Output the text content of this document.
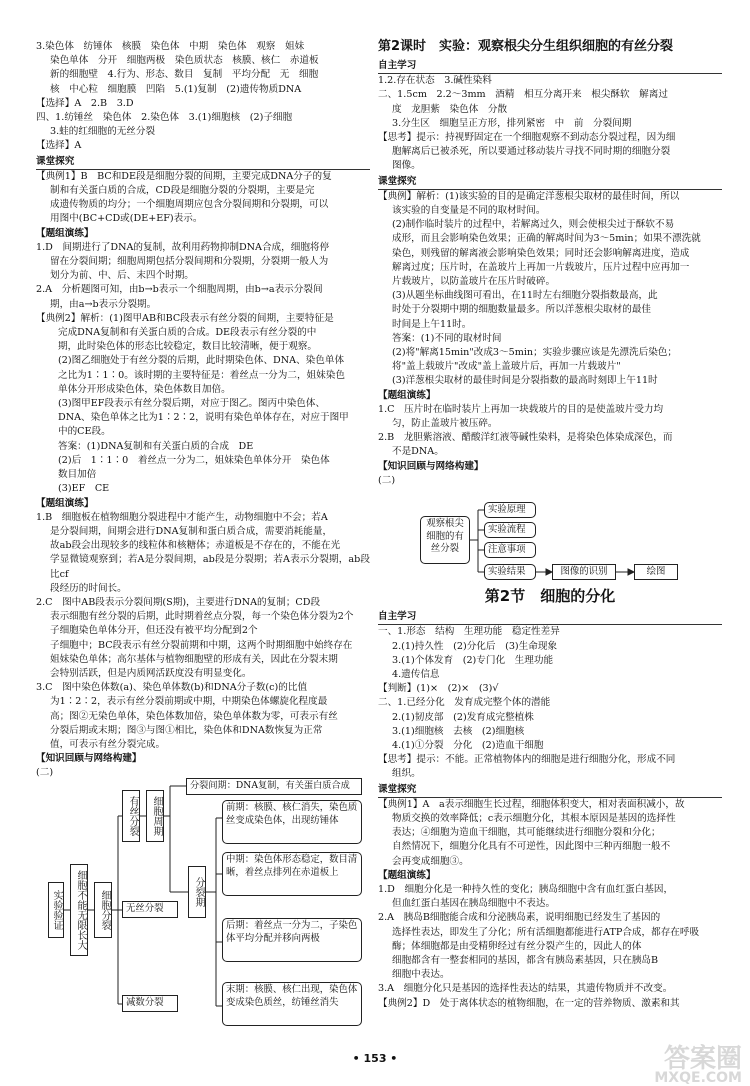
3.染色体　纺锤体　核膜　染色体　中期　染色体　观察　姐妹

染色单体　分开　细胞两极　染色质状态　核膜、核仁　赤道板

新的细胞壁　4.行为、形态、数目　复制　平均分配　无　细胞

核　中心粒　细胞膜　凹陷　5.(1)复制　(2)遗传物质DNA

【选择】A　2.B　3.D

四、1.纺锤丝　染色体　2.染色体　3.(1)细胞核　(2)子细胞

3.蛙的红细胞的无丝分裂

【选择】A

课堂探究

【典例1】B　BC和DE段是细胞分裂的间期，主要完成DNA分子的复

制和有关蛋白质的合成，CD段是细胞分裂的分裂期，主要是完

成遗传物质的均分；一个细胞周期应包含分裂间期和分裂期，可以

用图中(BC+CD或(DE+EF)表示。

【题组演练】

1.D　间期进行了DNA的复制，故利用药物抑制DNA合成，细胞将停

留在分裂间期；细胞周期包括分裂间期和分裂期，分裂期一般人为

划分为前、中、后、末四个时期。

2.A　分析题图可知，由b→b表示一个细胞周期，由b→a表示分裂间

期，由a→b表示分裂期。

【典例2】解析：(1)图甲AB和BC段表示有丝分裂的间期，主要特征是

完成DNA复制和有关蛋白质的合成。DE段表示有丝分裂的中

期，此时染色体的形态比较稳定，数目比较清晰，便于观察。

(2)图乙细胞处于有丝分裂的后期，此时期染色体、DNA、染色单体

之比为1∶1∶0。该时期的主要特征是：着丝点一分为二，姐妹染色

单体分开形成染色体，染色体数目加倍。

(3)图甲EF段表示有丝分裂后期，对应于图乙。图丙中染色体、

DNA、染色单体之比为1∶2∶2，说明有染色单体存在，对应于图甲

中的CE段。

答案：(1)DNA复制和有关蛋白质的合成　DE

(2)后　1∶1∶0　着丝点一分为二，姐妹染色单体分开　染色体

数目加倍

(3)EF　CE

【题组演练】

1.B　细胞板在植物细胞分裂进程中才能产生，动物细胞中不会；若A

是分裂间期，间期会进行DNA复制和蛋白质合成，需要消耗能量，

故ab段会出现较多的线粒体和核糖体；赤道板是不存在的，不能在光

学显微镜观察到；若A是分裂间期，ab段是分裂期；若A表示分裂期，ab段比cf

段经历的时间长。

2.C　图中AB段表示分裂间期(S期)，主要进行DNA的复制；CD段

表示细胞有丝分裂的后期，此时期着丝点分裂，每一个染色体分裂为2个

子细胞染色单体分开，但还没有被平均分配到2个

子细胞中；BC段表示有丝分裂前期和中期，这两个时期细胞中始终存在

姐妹染色单体；高尔基体与植物细胞壁的形成有关，因此在分裂末期

会特别活跃，但是内质网活跃度没有明显变化。

3.C　图中染色体数(a)、染色单体数(b)和DNA分子数(c)的比值

为1∶2∶2，表示有丝分裂前期或中期，中期染色体螺旋化程度最

高；图②无染色单体，染色体数加倍，染色单体数为零，可表示有丝

分裂后期或末期；图③与图①相比，染色体和DNA数恢复为正常

值，可表示有丝分裂完成。

【知识回顾与网络构建】

(二)

分裂间期：DNA复制，有关蛋白质合成
实验验证	细胞不能无限长大	细胞分裂
有丝分裂	细胞周期
无丝分裂
减数分裂
分裂期
前期：核膜、核仁消失，染色质丝变成染色体，出现纺锤体
中期：染色体形态稳定，数目清晰，着丝点排列在赤道板上
后期：着丝点一分为二，子染色体平均分配并移向两极
末期：核膜、核仁出现，染色体变成染色质丝，纺锤丝消失

第2课时　实验：观察根尖分生组织细胞的有丝分裂

自主学习

1.2.存在状态　3.碱性染料

二、1.5cm　2.2～3mm　酒精　相互分离开来　根尖酥软　解离过

度　龙胆紫　染色体　分散

3.分生区　细胞呈正方形，排列紧密　中　前　分裂间期

【思考】提示：持视野固定在一个细胞观察不到动态分裂过程，因为细

胞解离后已被杀死，所以要通过移动装片寻找不同时期的细胞分裂

图像。

课堂探究

【典例】解析：(1)该实验的目的是确定洋葱根尖取材的最佳时间，所以

该实验的自变量是不同的取材时间。

(2)制作临时装片的过程中，若解离过久，则会使根尖过于酥软不易

成形，而且会影响染色效果；正确的解离时间为3～5min；如果不漂洗就

染色，则残留的解离液会影响染色效果；同时还会影响解离进度，造成

解离过度；压片时，在盖玻片上再加一片载玻片，压片过程中应再加一

片载玻片，以防盖玻片在压片时破碎。

(3)从题坐标曲线图可看出，在11时左右细胞分裂指数最高，此

时处于分裂期中期的细胞数量最多。所以洋葱根尖取材的最佳

时间是上午11时。

答案：(1)不同的取材时间

(2)将"解离15min"改成3～5min；实验步骤应该是先漂洗后染色；

将"盖上载玻片"改成"盖上盖玻片后，再加一片载玻片"

(3)洋葱根尖取材的最佳时间是分裂指数的最高时刻即上午11时

【题组演练】

1.C　压片时在临时装片上再加一块载玻片的目的是使盖玻片受力均

匀，防止盖玻片被压碎。

2.B　龙胆紫溶液、醋酸洋红液等碱性染料，是将染色体染成深色，而

不是DNA。

【知识回顾与网络构建】

(二)

第2节　细胞的分化

自主学习

一、1.形态　结构　生理功能　稳定性差异

2.(1)持久性　(2)分化后　(3)生命现象

3.(1)个体发育　(2)专门化　生理功能

4.遗传信息

【判断】(1)×　(2)×　(3)√

二、1.已经分化　发育成完整个体的潜能

2.(1)韧皮部　(2)发育成完整植株

3.(1)细胞核　去核　(2)细胞核

4.(1)①分裂　分化　(2)造血干细胞

【思考】提示：不能。正常植物体内的细胞是进行细胞分化，形成不同

组织。

课堂探究

【典例1】A　a表示细胞生长过程，细胞体积变大，相对表面积减小，故

物质交换的效率降低；c表示细胞分化，其根本原因是基因的选择性

表达；④细胞为造血干细胞，其可能继续进行细胞分裂和分化；

自然情况下，细胞分化具有不可逆性，因此图中三种丙细胞一般不

会再变成细胞③。

【题组演练】

1.D　细胞分化是一种持久性的变化；胰岛细胞中含有血红蛋白基因，

但血红蛋白基因在胰岛细胞中不表达。

2.A　胰岛B细胞能合成和分泌胰岛素，说明细胞已经发生了基因的

选择性表达，即发生了分化；所有活细胞都能进行ATP合成，都存在呼吸

酶；体细胞都是由受精卵经过有丝分裂产生的，因此人的体

细胞都含有一整套相同的基因，都含有胰岛素基因，只在胰岛B

细胞中表达。

3.A　细胞分化只是基因的选择性表达的结果，其遗传物质并不改变。

【典例2】D　处于离体状态的植物细胞，在一定的营养物质、激素和其

观察根尖细胞的有丝分裂
实验原理
实验流程
注意事项
实验结果	图像的识别	绘图
• 153 •	答案圈
MXQE.COM
